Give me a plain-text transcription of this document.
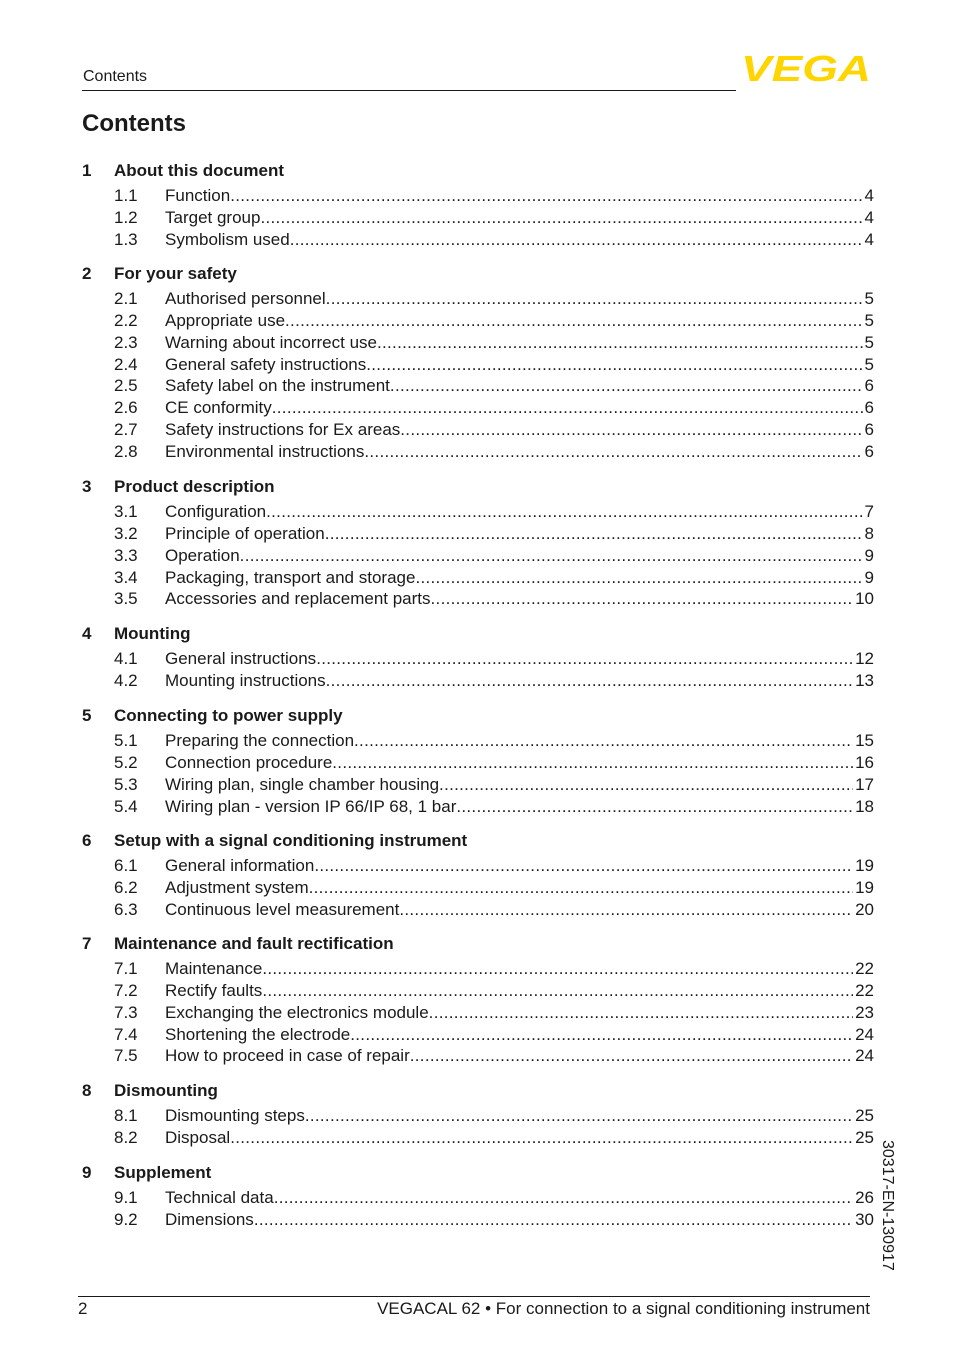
Contents	VEGA
Contents
1 About this document
1.1 Function .....	4
1.2 Target group .....	4
1.3 Symbolism used .....	4
2 For your safety
2.1 Authorised personnel .....	5
2.2 Appropriate use .....	5
2.3 Warning about incorrect use .....	5
2.4 General safety instructions .....	5
2.5 Safety label on the instrument .....	6
2.6 CE conformity .....	6
2.7 Safety instructions for Ex areas .....	6
2.8 Environmental instructions .....	6
3 Product description
3.1 Configuration .....	7
3.2 Principle of operation .....	8
3.3 Operation .....	9
3.4 Packaging, transport and storage .....	9
3.5 Accessories and replacement parts .....	10
4 Mounting
4.1 General instructions .....	12
4.2 Mounting instructions .....	13
5 Connecting to power supply
5.1 Preparing the connection .....	15
5.2 Connection procedure .....	16
5.3 Wiring plan, single chamber housing .....	17
5.4 Wiring plan - version IP 66/IP 68, 1 bar .....	18
6 Setup with a signal conditioning instrument
6.1 General information .....	19
6.2 Adjustment system .....	19
6.3 Continuous level measurement .....	20
7 Maintenance and fault rectification
7.1 Maintenance .....	22
7.2 Rectify faults .....	22
7.3 Exchanging the electronics module .....	23
7.4 Shortening the electrode .....	24
7.5 How to proceed in case of repair .....	24
8 Dismounting
8.1 Dismounting steps .....	25
8.2 Disposal .....	25
9 Supplement
9.1 Technical data .....	26
9.2 Dimensions .....	30 30317-EN-130917
2	VEGACAL 62 • For connection to a signal conditioning instrument
